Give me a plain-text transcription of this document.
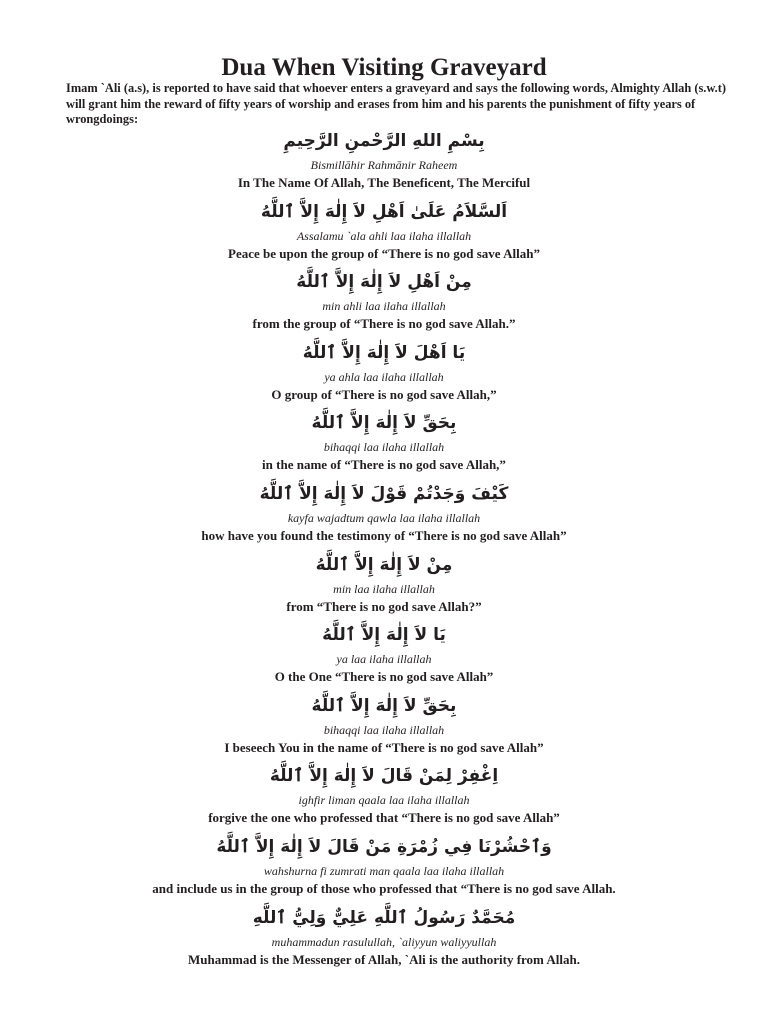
Dua When Visiting Graveyard

Imam `Ali (a.s), is reported to have said that whoever enters a graveyard and says the following words, Almighty Allah (s.w.t) will grant him the reward of fifty years of worship and erases from him and his parents the punishment of fifty years of wrongdoings:

بِسْمِ اللهِ الرَّحْمنِ الرَّحِيمِ
Bismillāhir Rahmānir Raheem
In The Name Of Allah, The Beneficent, The Merciful
اَلسَّلاَمُ عَلَىٰ اَهْلِ لاَ إِلٰهَ إِلاَّ ٱللَّهُ
Assalamu `ala ahli laa ilaha illallah
Peace be upon the group of “There is no god save Allah”
مِنْ اَهْلِ لاَ إِلٰهَ إِلاَّ ٱللَّهُ
min ahli laa ilaha illallah
from the group of “There is no god save Allah.”
يَا اَهْلَ لاَ إِلٰهَ إِلاَّ ٱللَّهُ
ya ahla laa ilaha illallah
O group of “There is no god save Allah,”
بِحَقِّ لاَ إِلٰهَ إِلاَّ ٱللَّهُ
bihaqqi laa ilaha illallah
in the name of “There is no god save Allah,”
كَيْفَ وَجَدْتُمْ قَوْلَ لاَ إِلٰهَ إِلاَّ ٱللَّهُ
kayfa wajadtum qawla laa ilaha illallah
how have you found the testimony of “There is no god save Allah”
مِنْ لاَ إِلٰهَ إِلاَّ ٱللَّهُ
min laa ilaha illallah
from “There is no god save Allah?”
يَا لاَ إِلٰهَ إِلاَّ ٱللَّهُ
ya laa ilaha illallah
O the One “There is no god save Allah”
بِحَقِّ لاَ إِلٰهَ إِلاَّ ٱللَّهُ
bihaqqi laa ilaha illallah
I beseech You in the name of “There is no god save Allah”
اِغْفِرْ لِمَنْ قَالَ لاَ إِلٰهَ إِلاَّ ٱللَّهُ
ighfir liman qaala laa ilaha illallah
forgive the one who professed that “There is no god save Allah”
وَٱحْشُرْنَا فِي زُمْرَةِ مَنْ قَالَ لاَ إِلٰهَ إِلاَّ ٱللَّهُ
wahshurna fi zumrati man qaala laa ilaha illallah
and include us in the group of those who professed that “There is no god save Allah.
مُحَمَّدٌ رَسُولُ ٱللَّهِ عَلِيٌّ وَلِيُّ ٱللَّهِ
muhammadun rasulullah, `aliyyun waliyyullah
Muhammad is the Messenger of Allah, `Ali is the authority from Allah.
